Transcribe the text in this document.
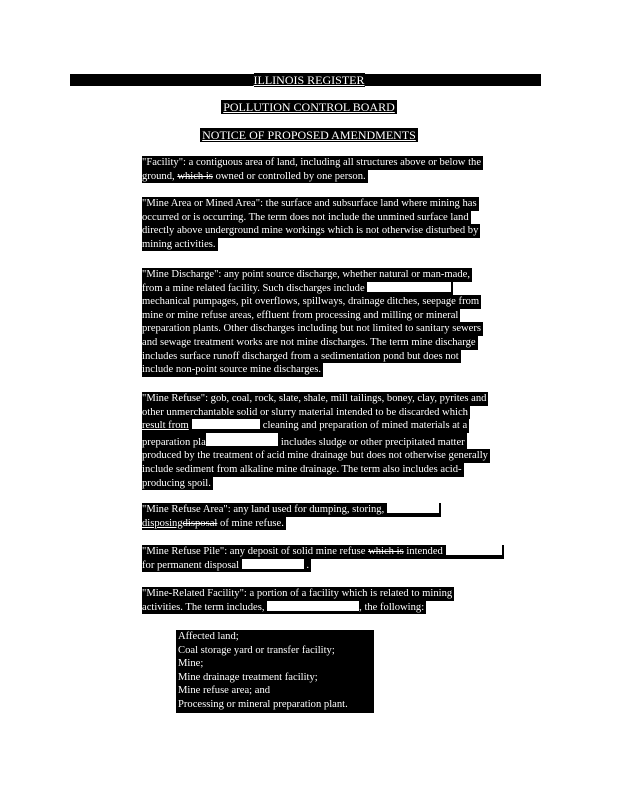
ILLINOIS REGISTER
POLLUTION CONTROL BOARD
NOTICE OF PROPOSED AMENDMENTS
"Facility": a contiguous area of land, including all structures above or below the
ground, which is owned or controlled by one person.
"Mine Area or Mined Area": the surface and subsurface land where mining has
occurred or is occurring. The term does not include the unmined surface land
directly above underground mine workings which is not otherwise disturbed by
mining activities.
"Mine Discharge": any point source discharge, whether natural or man-made,
from a mine related facility. Such discharges include
mechanical pumpages, pit overflows, spillways, drainage ditches, seepage from
mine or mine refuse areas, effluent from processing and milling or mineral
preparation plants. Other discharges including but not limited to sanitary sewers
and sewage treatment works are not mine discharges. The term mine discharge
includes surface runoff discharged from a sedimentation pond but does not
include non-point source mine discharges.
"Mine Refuse": gob, coal, rock, slate, shale, mill tailings, boney, clay, pyrites and
other unmerchantable solid or slurry material intended to be discarded which
result from	cleaning and preparation of mined materials at a
preparation pla	includes sludge or other precipitated matter
produced by the treatment of acid mine drainage but does not otherwise generally
include sediment from alkaline mine drainage. The term also includes acid-
producing spoil.
"Mine Refuse Area": any land used for dumping, storing,
disposingdisposal of mine refuse.
"Mine Refuse Pile": any deposit of solid mine refuse which is intended
for permanent disposal	.
"Mine-Related Facility": a portion of a facility which is related to mining
activities. The term includes,	, the following:
Affected land;
Coal storage yard or transfer facility;
Mine;
Mine drainage treatment facility;
Mine refuse area; and
Processing or mineral preparation plant.
